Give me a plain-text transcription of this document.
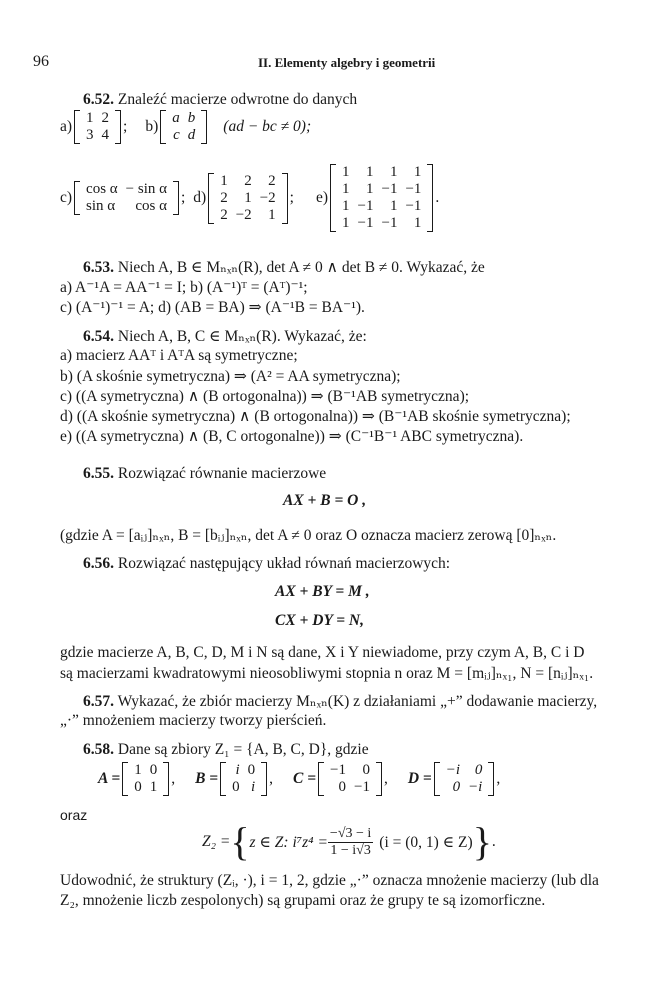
96	II. Elementy algebry i geometrii
6.52. Znaleźć macierze odwrotne do danych
a) 1	2
3	4 ; b) a	b
c	d (ad − bc ≠ 0);
c) cos α	− sin α
sin α	cos α ; d)
1	2	2
2	1	−2
2	−2	1
; e)
1	1	1	1
1	1	−1	−1
1	−1	1	−1
1	−1	−1	1
.
6.53. Niech A, B ∈ Mₙₓₙ(R), det A ≠ 0 ∧ det B ≠ 0. Wykazać, że
a) A⁻¹A = AA⁻¹ = I; b) (A⁻¹)ᵀ = (Aᵀ)⁻¹;
c) (A⁻¹)⁻¹ = A; d) (AB = BA) ⇒ (A⁻¹B = BA⁻¹).
6.54. Niech A, B, C ∈ Mₙₓₙ(R). Wykazać, że:
a) macierz AAᵀ i AᵀA są symetryczne;
b) (A skośnie symetryczna) ⇒ (A² = AA symetryczna);
c) ((A symetryczna) ∧ (B ortogonalna)) ⇒ (B⁻¹AB symetryczna);
d) ((A skośnie symetryczna) ∧ (B ortogonalna)) ⇒ (B⁻¹AB skośnie symetryczna);
e) ((A symetryczna) ∧ (B, C ortogonalne)) ⇒ (C⁻¹B⁻¹ ABC symetryczna).
6.55. Rozwiązać równanie macierzowe
AX + B = O ,
(gdzie A = [aᵢⱼ]ₙₓₙ, B = [bᵢⱼ]ₙₓₙ, det A ≠ 0 oraz O oznacza macierz zerową [0]ₙₓₙ.
6.56. Rozwiązać następujący układ równań macierzowych:
AX + BY = M ,
CX + DY = N,
gdzie macierze A, B, C, D, M i N są dane, X i Y niewiadome, przy czym A, B, C i D
są macierzami kwadratowymi nieosobliwymi stopnia n oraz M = [mᵢⱼ]ₙₓ₁, N = [nᵢⱼ]ₙₓ₁.
6.57. Wykazać, że zbiór macierzy Mₙₓₙ(K) z działaniami „+” dodawanie macierzy,
„·” mnożeniem macierzy tworzy pierścień.
6.58. Dane są zbiory Z₁ = {A, B, C, D}, gdzie
A = 1	0
0	1 , B = i	0
0	i , C = −1	0
0	−1 , D = −i	0
0	−i ,
oraz
Z₂ = { z ∈ Z: $i^7z^4 = \frac{-√3 - i}{1 - i√3} (i = (0$, 1) ∈ Z) } .
Udowodnić, że struktury (Zᵢ, ·), i = 1, 2, gdzie „·” oznacza mnożenie macierzy (lub dla
Z₂, mnożenie liczb zespolonych) są grupami oraz że grupy te są izomorficzne.
